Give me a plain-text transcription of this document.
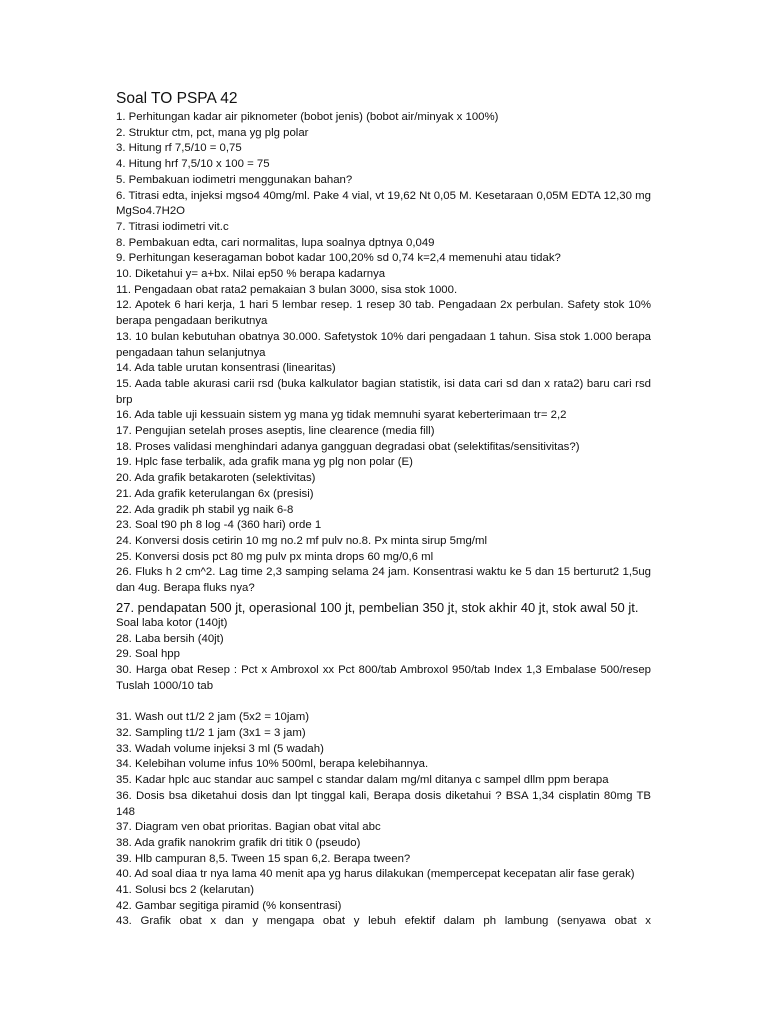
Soal TO PSPA 42
1. Perhitungan kadar air piknometer (bobot jenis) (bobot air/minyak x 100%)
2. Struktur ctm, pct, mana yg plg polar
3. Hitung rf 7,5/10 = 0,75
4. Hitung hrf 7,5/10 x 100 = 75
5. Pembakuan iodimetri menggunakan bahan?
6. Titrasi edta, injeksi mgso4 40mg/ml. Pake 4 vial, vt 19,62 Nt 0,05 M. Kesetaraan 0,05M EDTA 12,30 mg MgSo4.7H2O
7. Titrasi iodimetri vit.c
8. Pembakuan edta, cari normalitas, lupa soalnya dptnya 0,049
9. Perhitungan keseragaman bobot kadar 100,20% sd 0,74 k=2,4 memenuhi atau tidak?
10. Diketahui y= a+bx. Nilai ep50 % berapa kadarnya
11. Pengadaan obat rata2 pemakaian 3 bulan 3000, sisa stok 1000.
12. Apotek 6 hari kerja, 1 hari 5 lembar resep. 1 resep 30 tab. Pengadaan 2x perbulan. Safety stok 10% berapa pengadaan berikutnya
13. 10 bulan kebutuhan obatnya 30.000. Safetystok 10% dari pengadaan 1 tahun. Sisa stok 1.000 berapa pengadaan tahun selanjutnya
14. Ada table urutan konsentrasi (linearitas)
15. Aada table akurasi carii rsd (buka kalkulator bagian statistik, isi data cari sd dan x rata2) baru cari rsd brp
16. Ada table uji kessuain sistem yg mana yg tidak memnuhi syarat keberterimaan tr= 2,2
17. Pengujian setelah proses aseptis, line clearence (media fill)
18. Proses validasi menghindari adanya gangguan degradasi obat (selektifitas/sensitivitas?)
19. Hplc fase terbalik, ada grafik mana yg plg non polar (E)
20. Ada grafik betakaroten (selektivitas)
21. Ada grafik keterulangan 6x (presisi)
22. Ada gradik ph stabil yg naik 6-8
23. Soal t90 ph 8 log -4 (360 hari) orde 1
24. Konversi dosis cetirin 10 mg no.2 mf pulv no.8. Px minta sirup 5mg/ml
25. Konversi dosis pct 80 mg pulv px minta drops 60 mg/0,6 ml
26. Fluks h 2 cm^2. Lag time 2,3 samping selama 24 jam. Konsentrasi waktu ke 5 dan 15 berturut2 1,5ug dan 4ug. Berapa fluks nya?
27. pendapatan 500 jt, operasional 100 jt, pembelian 350 jt, stok akhir 40 jt, stok awal 50 jt.
Soal laba kotor (140jt)
28. Laba bersih (40jt)
29. Soal hpp
30. Harga obat Resep : Pct x Ambroxol xx Pct 800/tab Ambroxol 950/tab Index 1,3 Embalase 500/resep Tuslah 1000/10 tab
31. Wash out t1/2 2 jam (5x2 = 10jam)
32. Sampling t1/2 1 jam (3x1 = 3 jam)
33. Wadah volume injeksi 3 ml (5 wadah)
34. Kelebihan volume infus 10% 500ml, berapa kelebihannya.
35. Kadar hplc auc standar auc sampel c standar dalam mg/ml ditanya c sampel dllm ppm berapa
36. Dosis bsa diketahui dosis dan lpt tinggal kali, Berapa dosis diketahui ? BSA 1,34 cisplatin 80mg TB 148
37. Diagram ven obat prioritas. Bagian obat vital abc
38. Ada grafik nanokrim grafik dri titik 0 (pseudo)
39. Hlb campuran 8,5. Tween 15 span 6,2. Berapa tween?
40. Ad soal diaa tr nya lama 40 menit apa yg harus dilakukan (mempercepat kecepatan alir fase gerak)
41. Solusi bcs 2 (kelarutan)
42. Gambar segitiga piramid (% konsentrasi)
43. Grafik obat x dan y mengapa obat y lebuh efektif dalam ph lambung (senyawa obat x
